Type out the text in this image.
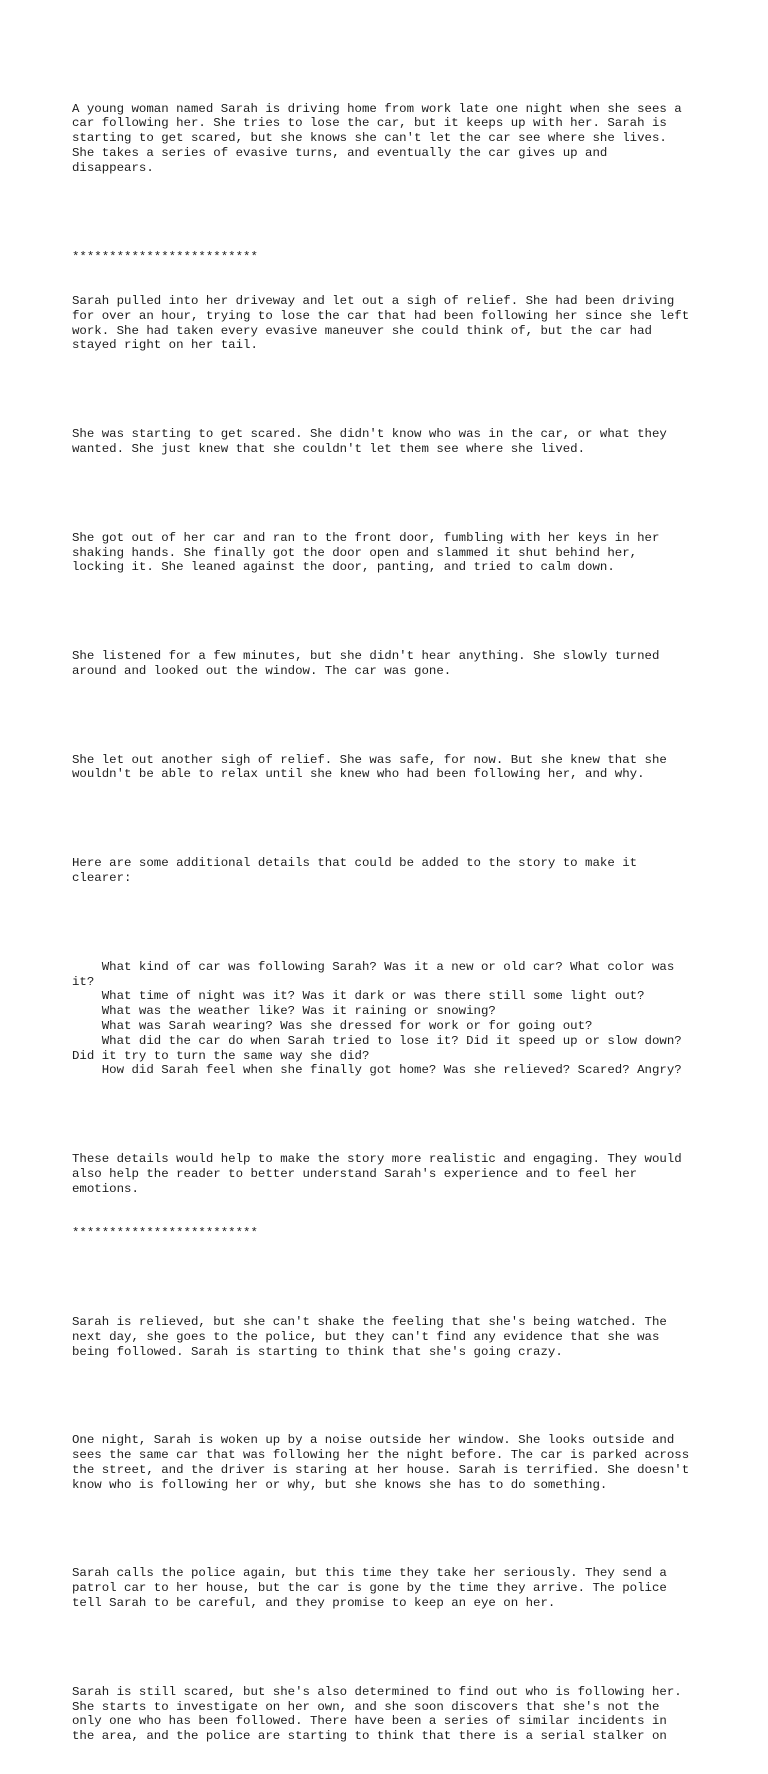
A young woman named Sarah is driving home from work late one night when she sees a
car following her. She tries to lose the car, but it keeps up with her. Sarah is
starting to get scared, but she knows she can't let the car see where she lives.
She takes a series of evasive turns, and eventually the car gives up and
disappears.

*************************

Sarah pulled into her driveway and let out a sigh of relief. She had been driving
for over an hour, trying to lose the car that had been following her since she left
work. She had taken every evasive maneuver she could think of, but the car had
stayed right on her tail.

She was starting to get scared. She didn't know who was in the car, or what they
wanted. She just knew that she couldn't let them see where she lived.

She got out of her car and ran to the front door, fumbling with her keys in her
shaking hands. She finally got the door open and slammed it shut behind her,
locking it. She leaned against the door, panting, and tried to calm down.

She listened for a few minutes, but she didn't hear anything. She slowly turned
around and looked out the window. The car was gone.

She let out another sigh of relief. She was safe, for now. But she knew that she
wouldn't be able to relax until she knew who had been following her, and why.

Here are some additional details that could be added to the story to make it
clearer:

What kind of car was following Sarah? Was it a new or old car? What color was
it?
What time of night was it? Was it dark or was there still some light out?
What was the weather like? Was it raining or snowing?
What was Sarah wearing? Was she dressed for work or for going out?
What did the car do when Sarah tried to lose it? Did it speed up or slow down?
Did it try to turn the same way she did?
How did Sarah feel when she finally got home? Was she relieved? Scared? Angry?

These details would help to make the story more realistic and engaging. They would
also help the reader to better understand Sarah's experience and to feel her
emotions.

*************************

Sarah is relieved, but she can't shake the feeling that she's being watched. The
next day, she goes to the police, but they can't find any evidence that she was
being followed. Sarah is starting to think that she's going crazy.

One night, Sarah is woken up by a noise outside her window. She looks outside and
sees the same car that was following her the night before. The car is parked across
the street, and the driver is staring at her house. Sarah is terrified. She doesn't
know who is following her or why, but she knows she has to do something.

Sarah calls the police again, but this time they take her seriously. They send a
patrol car to her house, but the car is gone by the time they arrive. The police
tell Sarah to be careful, and they promise to keep an eye on her.

Sarah is still scared, but she's also determined to find out who is following her.
She starts to investigate on her own, and she soon discovers that she's not the
only one who has been followed. There have been a series of similar incidents in
the area, and the police are starting to think that there is a serial stalker on
